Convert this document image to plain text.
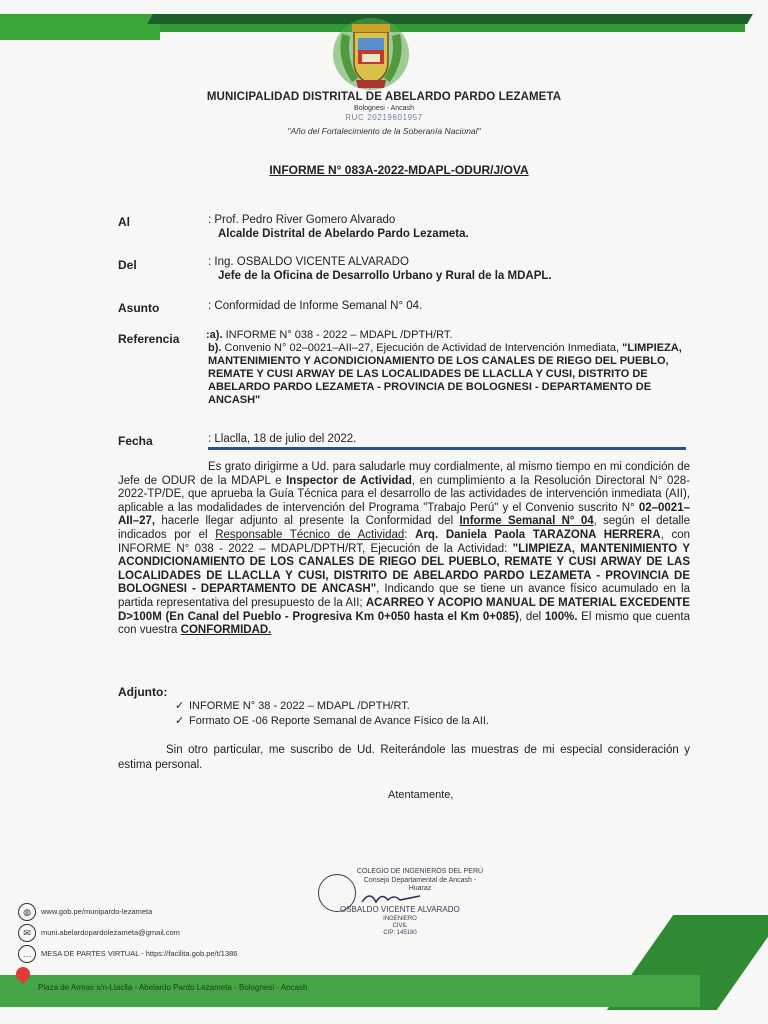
MUNICIPALIDAD DISTRITAL DE ABELARDO PARDO LEZAMETA
Bolognesi - Ancash
RUC 20219601957
"Año del Fortalecimiento de la Soberanía Nacional"
INFORME N° 083A-2022-MDAPL-ODUR/J/OVA
Al	: Prof. Pedro River Gomero Alvarado
Alcalde Distrital de Abelardo Pardo Lezameta.
Del	: Ing. OSBALDO VICENTE ALVARADO
Jefe de la Oficina de Desarrollo Urbano y Rural de la MDAPL.
Asunto	: Conformidad de Informe Semanal N° 04.
Referencia :a). INFORME N° 038 - 2022 – MDAPL /DPTH/RT.
b). Convenio N° 02–0021–AII–27, Ejecución de Actividad de Intervención Inmediata, "LIMPIEZA, MANTENIMIENTO Y ACONDICIONAMIENTO DE LOS CANALES DE RIEGO DEL PUEBLO, REMATE Y CUSI ARWAY DE LAS LOCALIDADES DE LLACLLA Y CUSI, DISTRITO DE ABELARDO PARDO LEZAMETA - PROVINCIA DE BOLOGNESI - DEPARTAMENTO DE ANCASH"
Fecha	: Llaclla, 18 de julio del 2022.
Es grato dirigirme a Ud. para saludarle muy cordialmente, al mismo tiempo en mi condición de Jefe de ODUR de la MDAPL e Inspector de Actividad, en cumplimiento a la Resolución Directoral N° 028- 2022-TP/DE, que aprueba la Guía Técnica para el desarrollo de las actividades de intervención inmediata (AII), aplicable a las modalidades de intervención del Programa "Trabajo Perú" y el Convenio suscrito N° 02–0021–AII–27, hacerle llegar adjunto al presente la Conformidad del Informe Semanal N° 04, según el detalle indicados por el Responsable Técnico de Actividad: Arq. Daniela Paola TARAZONA HERRERA, con INFORME N° 038 - 2022 – MDAPL/DPTH/RT, Ejecución de la Actividad: "LIMPIEZA, MANTENIMIENTO Y ACONDICIONAMIENTO DE LOS CANALES DE RIEGO DEL PUEBLO, REMATE Y CUSI ARWAY DE LAS LOCALIDADES DE LLACLLA Y CUSI, DISTRITO DE ABELARDO PARDO LEZAMETA - PROVINCIA DE BOLOGNESI - DEPARTAMENTO DE ANCASH", Indicando que se tiene un avance físico acumulado en la partida representativa del presupuesto de la AII; ACARREO Y ACOPIO MANUAL DE MATERIAL EXCEDENTE D>100M (En Canal del Pueblo - Progresiva Km 0+050 hasta el Km 0+085), del 100%. El mismo que cuenta con vuestra CONFORMIDAD.
Adjunto:
✓ INFORME N° 38 - 2022 – MDAPL /DPTH/RT.
✓ Formato OE -06 Reporte Semanal de Avance Físico de la AII.
Sin otro particular, me suscribo de Ud. Reiterándole las muestras de mi especial consideración y estima personal.
Atentamente,
COLEGIO DE INGENIEROS DEL PERÚ
Consejo Departamental de Ancash - Huaraz
OSBALDO VICENTE ALVARADO
INGENIERO CIVIL
CIP: 145180
◍ www.gob.pe/munipardo-lezameta
✉ muni.abelardopardolezameta@gmail.com
… MESA DE PARTES VIRTUAL - https://facilita.gob.pe/t/1386
Plaza de Armas s/n-Llaclla - Abelardo Pardo Lezameta - Bolognesi - Ancash
